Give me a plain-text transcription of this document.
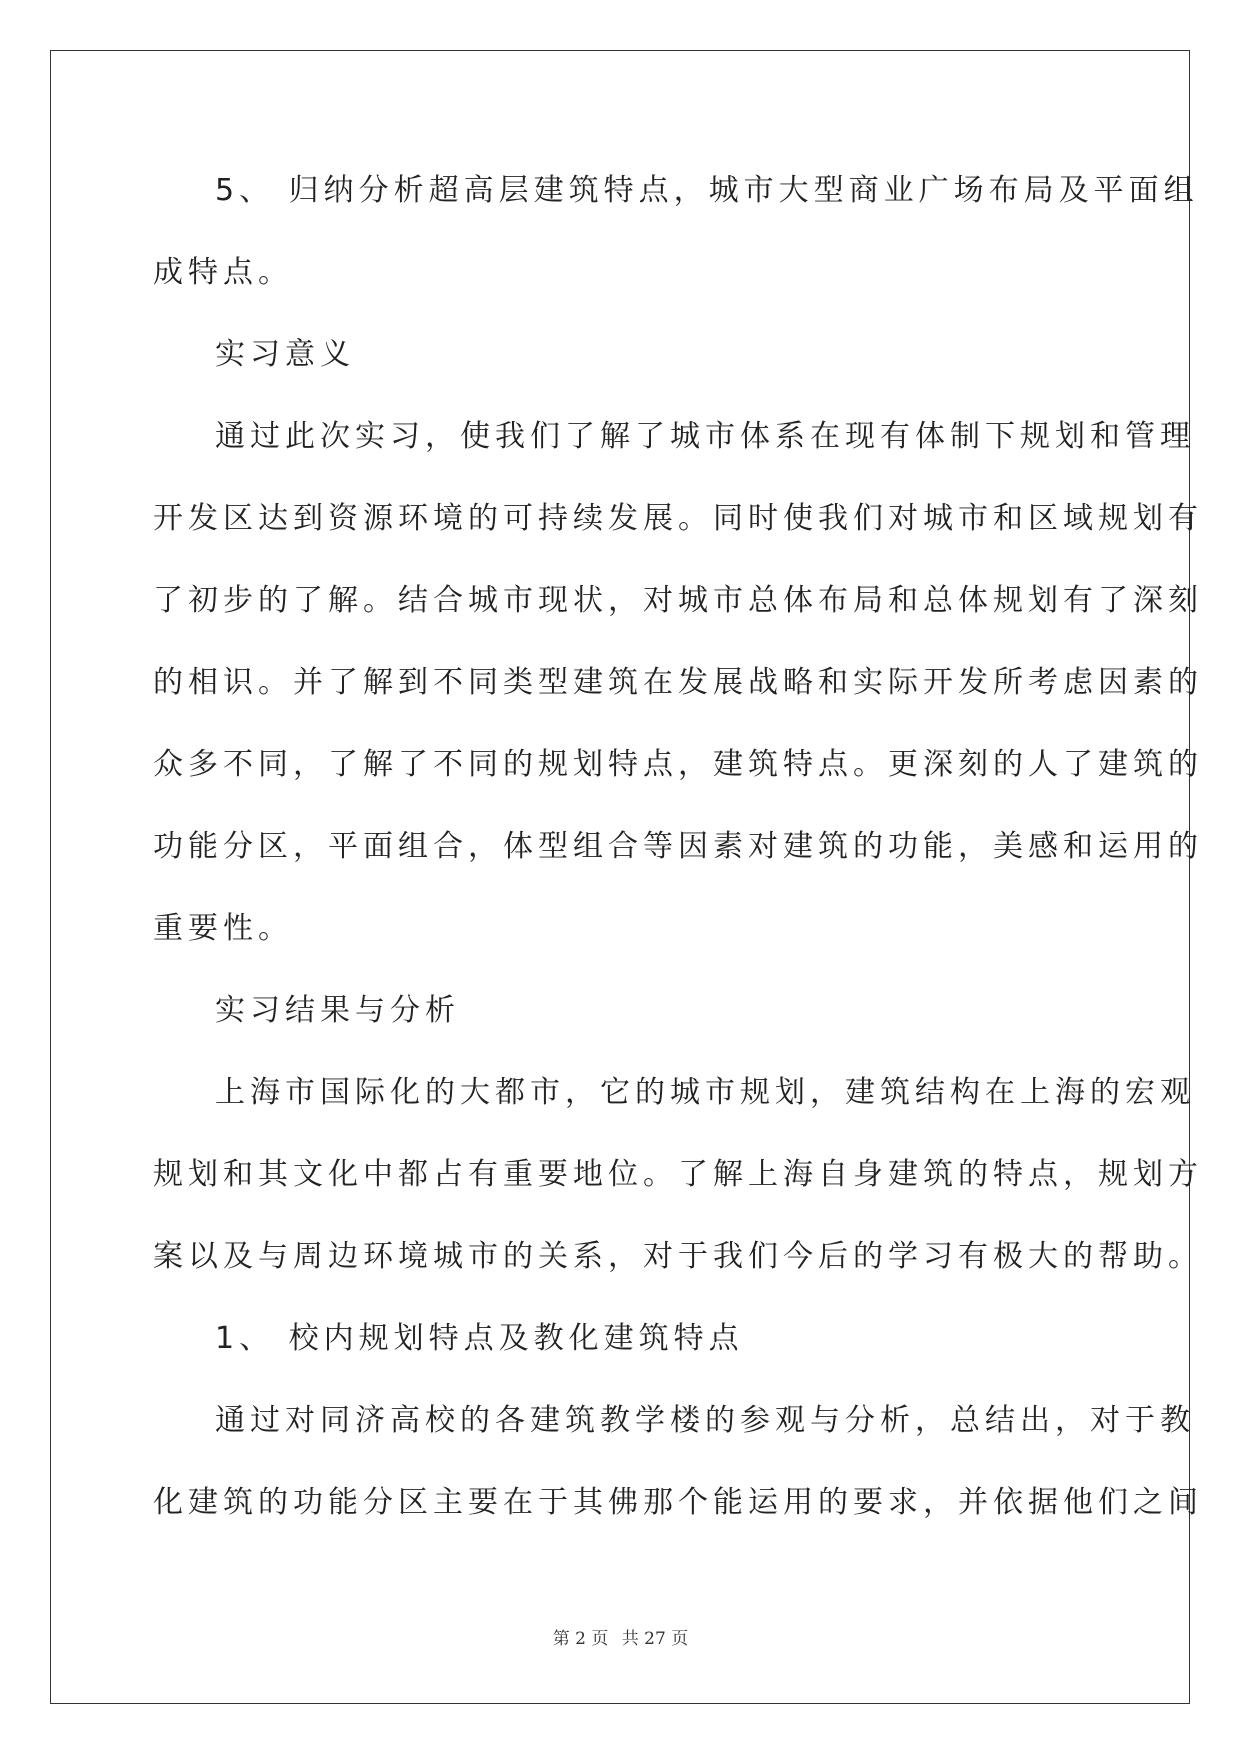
5、 归纳分析超高层建筑特点，城市大型商业广场布局及平面组
成特点。
实习意义
通过此次实习，使我们了解了城市体系在现有体制下规划和管理
开发区达到资源环境的可持续发展。同时使我们对城市和区域规划有
了初步的了解。结合城市现状，对城市总体布局和总体规划有了深刻
的相识。并了解到不同类型建筑在发展战略和实际开发所考虑因素的
众多不同，了解了不同的规划特点，建筑特点。更深刻的人了建筑的
功能分区，平面组合，体型组合等因素对建筑的功能，美感和运用的
重要性。
实习结果与分析
上海市国际化的大都市，它的城市规划，建筑结构在上海的宏观
规划和其文化中都占有重要地位。了解上海自身建筑的特点，规划方
案以及与周边环境城市的关系，对于我们今后的学习有极大的帮助。
1、 校内规划特点及教化建筑特点
通过对同济高校的各建筑教学楼的参观与分析，总结出，对于教
化建筑的功能分区主要在于其佛那个能运用的要求，并依据他们之间
第 2 页 共 27 页
